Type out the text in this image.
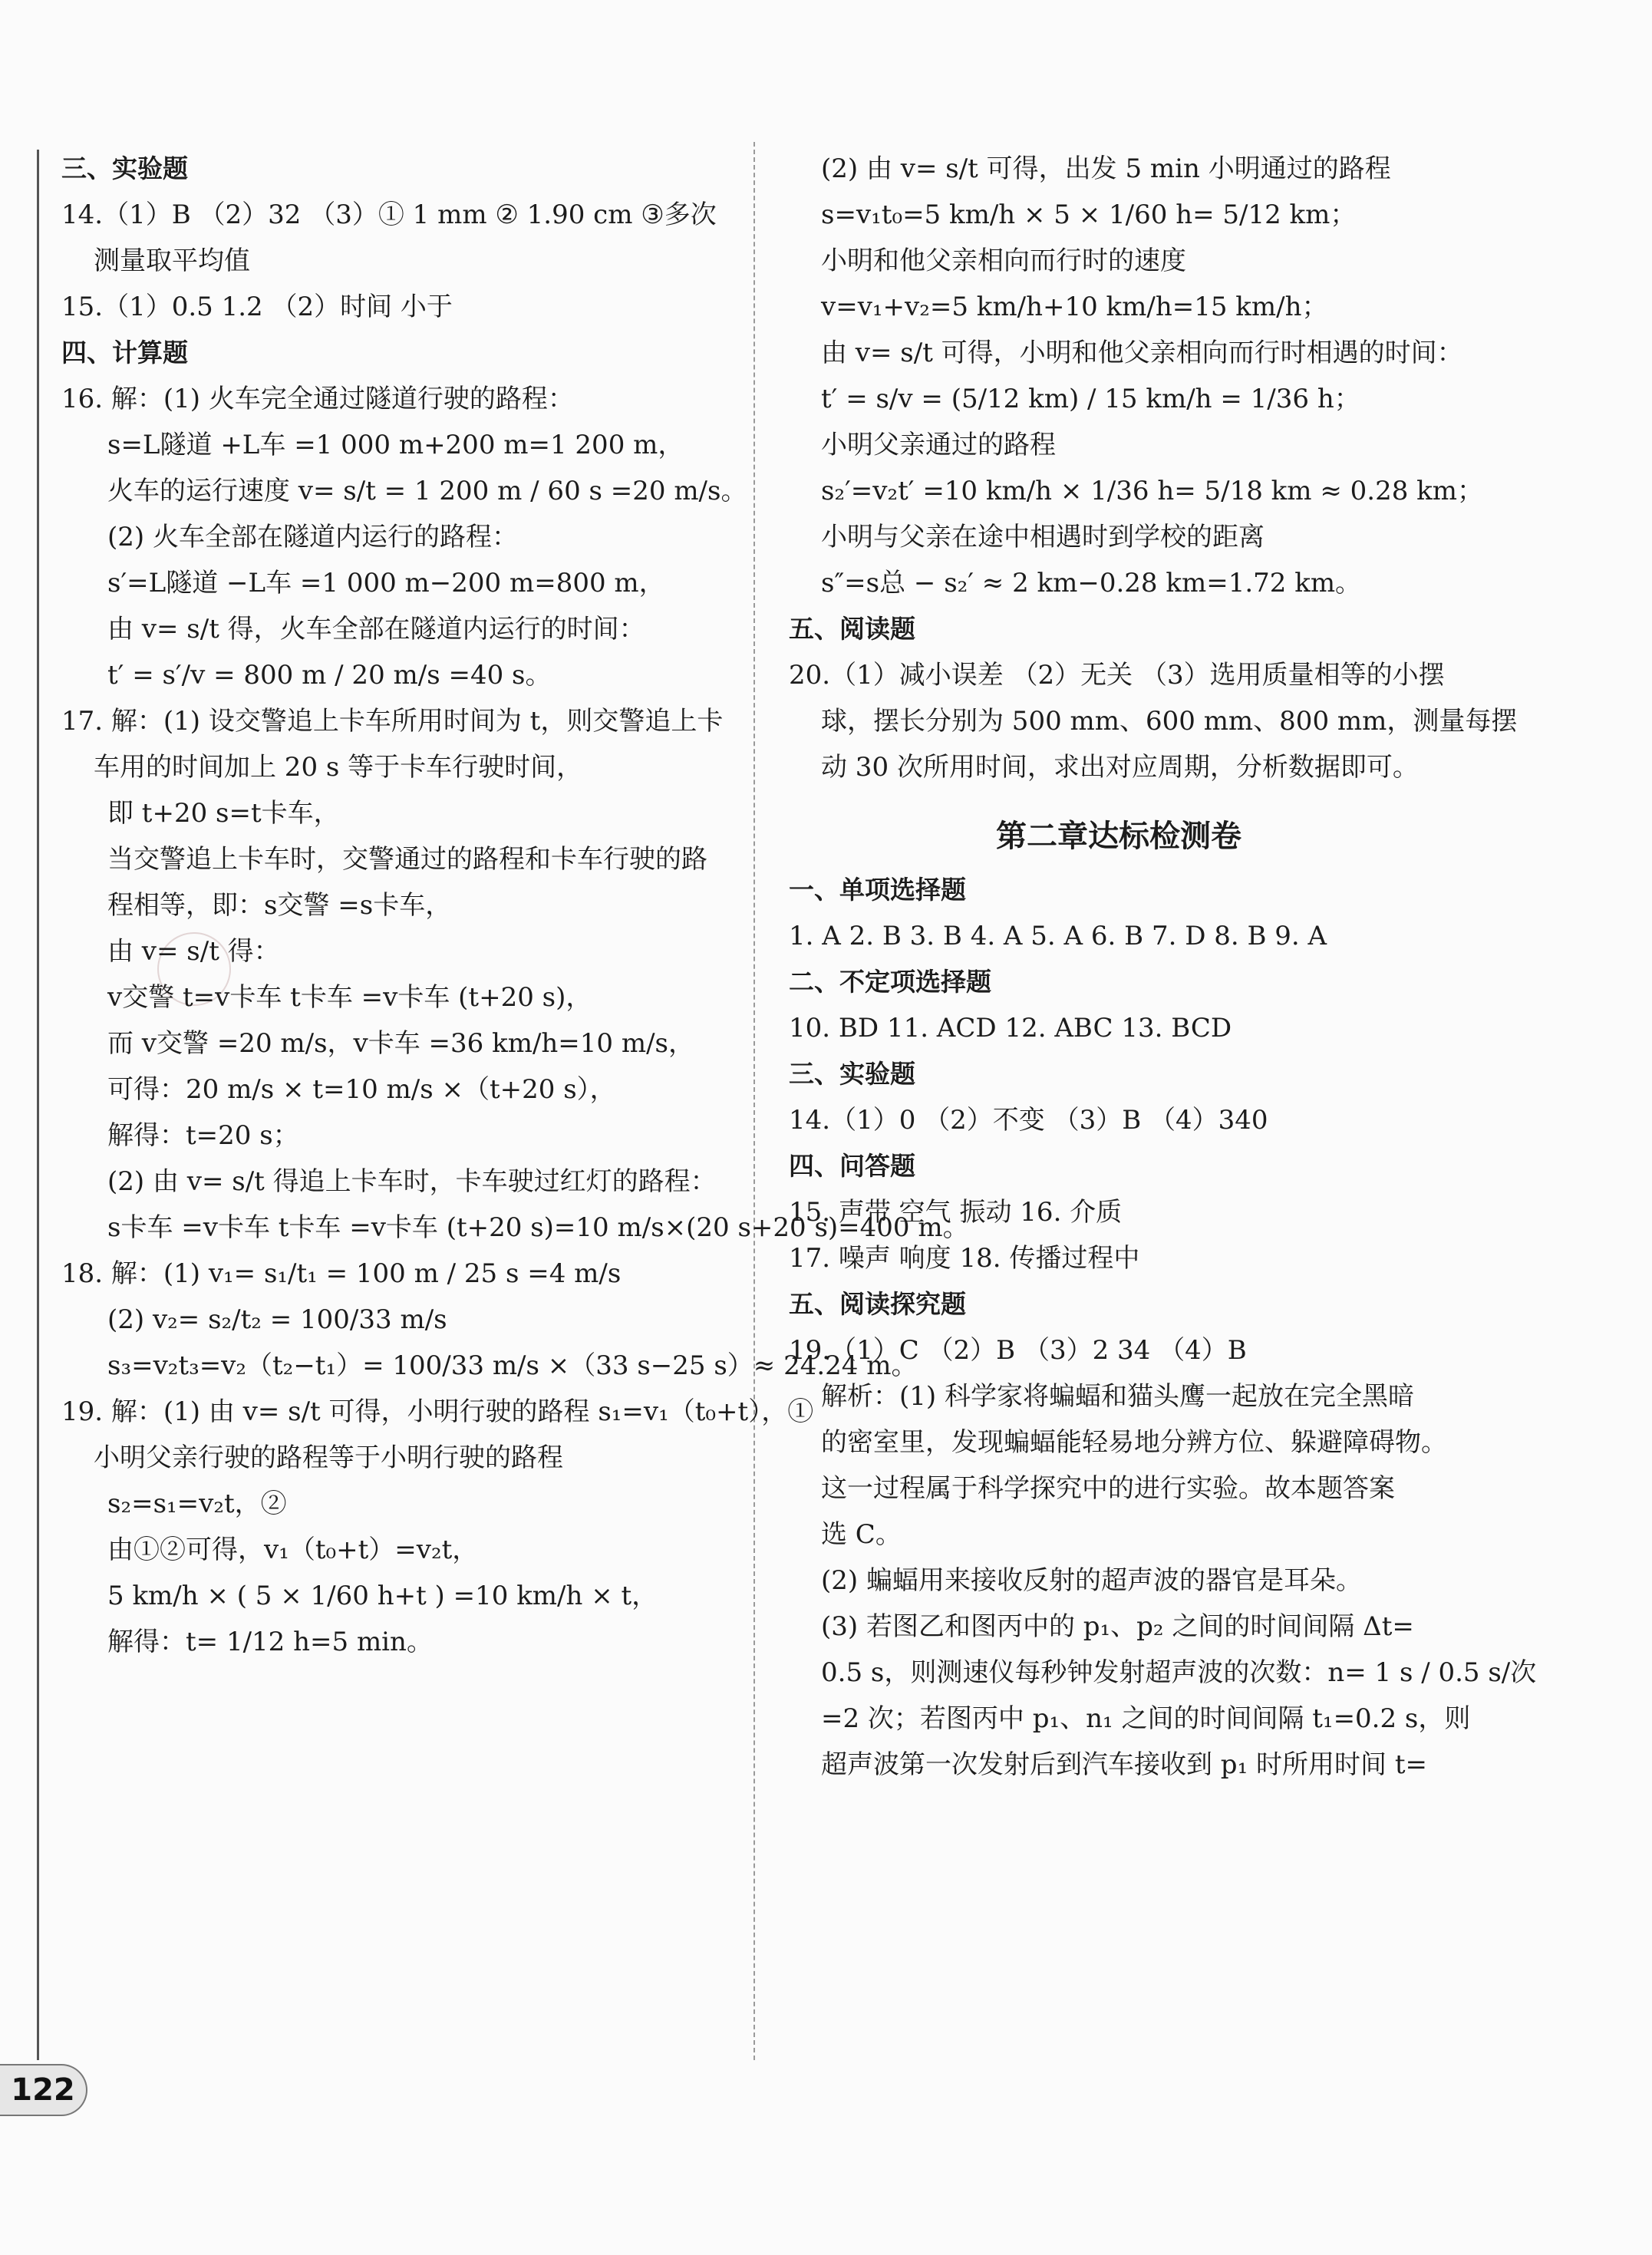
三、实验题
14.（1）B （2）32 （3）① 1 mm ② 1.90 cm ③多次
测量取平均值
15.（1）0.5 1.2 （2）时间 小于
四、计算题
16. 解：(1) 火车完全通过隧道行驶的路程：
s=L隧道 +L车 =1 000 m+200 m=1 200 m，
火车的运行速度 v= s/t = 1 200 m / 60 s =20 m/s。
(2) 火车全部在隧道内运行的路程：
s′=L隧道 −L车 =1 000 m−200 m=800 m，
由 v= s/t 得，火车全部在隧道内运行的时间：
t′ = s′/v = 800 m / 20 m/s =40 s。
17. 解：(1) 设交警追上卡车所用时间为 t，则交警追上卡
车用的时间加上 20 s 等于卡车行驶时间，
即 t+20 s=t卡车，
当交警追上卡车时，交警通过的路程和卡车行驶的路
程相等，即：s交警 =s卡车，
由 v= s/t 得：
v交警 t=v卡车 t卡车 =v卡车 (t+20 s)，
而 v交警 =20 m/s，v卡车 =36 km/h=10 m/s，
可得：20 m/s × t=10 m/s ×（t+20 s），
解得：t=20 s；
(2) 由 v= s/t 得追上卡车时，卡车驶过红灯的路程：
s卡车 =v卡车 t卡车 =v卡车 (t+20 s)=10 m/s×(20 s+20 s)=400 m。
18. 解：(1) v₁= s₁/t₁ = 100 m / 25 s =4 m/s
(2) v₂= s₂/t₂ = 100/33 m/s
s₃=v₂t₃=v₂（t₂−t₁）= 100/33 m/s ×（33 s−25 s）≈ 24.24 m。
19. 解：(1) 由 v= s/t 可得，小明行驶的路程 s₁=v₁（t₀+t），①
小明父亲行驶的路程等于小明行驶的路程
s₂=s₁=v₂t，②
由①②可得，v₁（t₀+t）=v₂t，
5 km/h × ( 5 × 1/60 h+t ) =10 km/h × t，
解得：t= 1/12 h=5 min。
(2) 由 v= s/t 可得，出发 5 min 小明通过的路程
s=v₁t₀=5 km/h × 5 × 1/60 h= 5/12 km；
小明和他父亲相向而行时的速度
v=v₁+v₂=5 km/h+10 km/h=15 km/h；
由 v= s/t 可得，小明和他父亲相向而行时相遇的时间：
t′ = s/v = (5/12 km) / 15 km/h = 1/36 h；
小明父亲通过的路程
s₂′=v₂t′ =10 km/h × 1/36 h= 5/18 km ≈ 0.28 km；
小明与父亲在途中相遇时到学校的距离
s″=s总 − s₂′ ≈ 2 km−0.28 km=1.72 km。
五、阅读题
20.（1）减小误差 （2）无关 （3）选用质量相等的小摆
球，摆长分别为 500 mm、600 mm、800 mm，测量每摆
动 30 次所用时间，求出对应周期，分析数据即可。
第二章达标检测卷
一、单项选择题
1. A 2. B 3. B 4. A 5. A 6. B 7. D 8. B 9. A
二、不定项选择题
10. BD 11. ACD 12. ABC 13. BCD
三、实验题
14.（1）0 （2）不变 （3）B （4）340
四、问答题
15. 声带 空气 振动 16. 介质
17. 噪声 响度 18. 传播过程中
五、阅读探究题
19.（1）C （2）B （3）2 34 （4）B
解析：(1) 科学家将蝙蝠和猫头鹰一起放在完全黑暗
的密室里，发现蝙蝠能轻易地分辨方位、躲避障碍物。
这一过程属于科学探究中的进行实验。故本题答案
选 C。
(2) 蝙蝠用来接收反射的超声波的器官是耳朵。
(3) 若图乙和图丙中的 p₁、p₂ 之间的时间间隔 Δt=
0.5 s，则测速仪每秒钟发射超声波的次数：n= 1 s / 0.5 s/次
=2 次；若图丙中 p₁、n₁ 之间的时间间隔 t₁=0.2 s，则
超声波第一次发射后到汽车接收到 p₁ 时所用时间 t=
122
